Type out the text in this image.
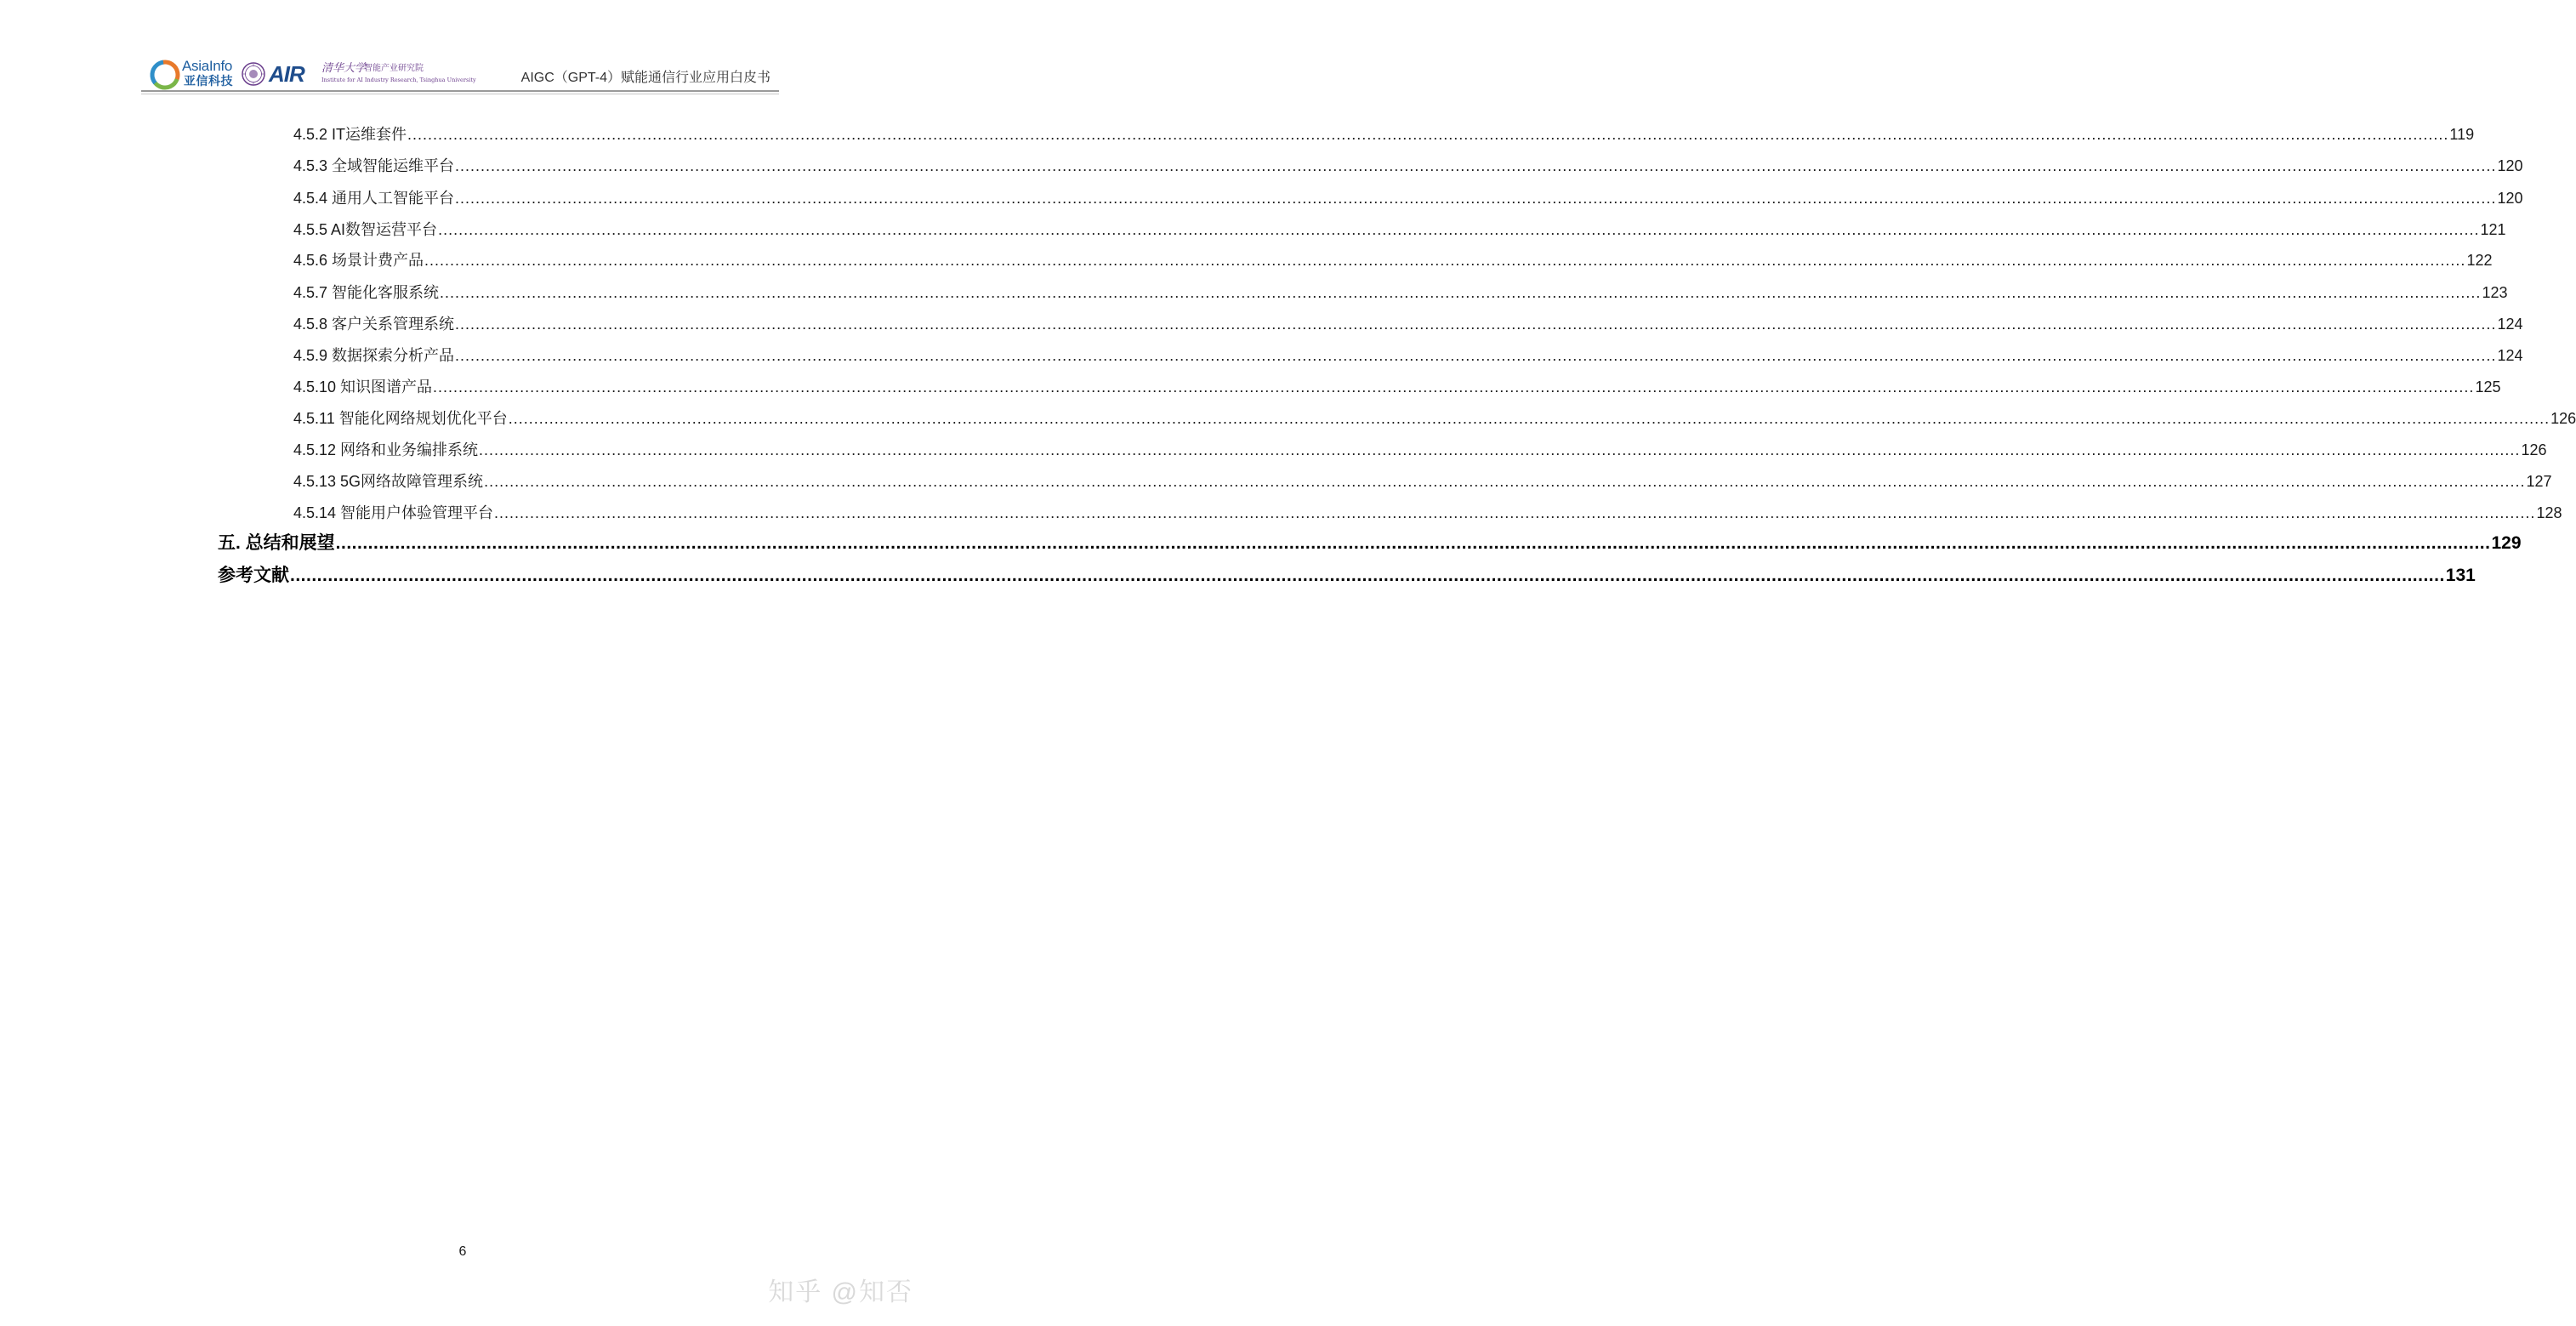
AsiaInfo
亚信科技 AIR 清华大学
智能产业研究院
Institute for AI Industry Research, Tsinghua University	AIGC（GPT-4）赋能通信行业应用白皮书
4.5.2 IT运维套件 ................................................................................................................................................................................................................................................................................................................................................................................................................ 119
4.5.3 全域智能运维平台 ................................................................................................................................................................................................................................................................................................................................................................................................................ 120
4.5.4 通用人工智能平台 ................................................................................................................................................................................................................................................................................................................................................................................................................ 120
4.5.5 AI数智运营平台 ................................................................................................................................................................................................................................................................................................................................................................................................................ 121
4.5.6 场景计费产品 ................................................................................................................................................................................................................................................................................................................................................................................................................ 122
4.5.7 智能化客服系统 ................................................................................................................................................................................................................................................................................................................................................................................................................ 123
4.5.8 客户关系管理系统 ................................................................................................................................................................................................................................................................................................................................................................................................................ 124
4.5.9 数据探索分析产品 ................................................................................................................................................................................................................................................................................................................................................................................................................ 124
4.5.10 知识图谱产品 ................................................................................................................................................................................................................................................................................................................................................................................................................ 125
4.5.11 智能化网络规划优化平台 ................................................................................................................................................................................................................................................................................................................................................................................................................ 126
4.5.12 网络和业务编排系统 ................................................................................................................................................................................................................................................................................................................................................................................................................ 126
4.5.13 5G网络故障管理系统 ................................................................................................................................................................................................................................................................................................................................................................................................................ 127
4.5.14 智能用户体验管理平台 ................................................................................................................................................................................................................................................................................................................................................................................................................ 128
五. 总结和展望 ................................................................................................................................................................................................................................................................................................................................................................................................................ 129
参考文献 ................................................................................................................................................................................................................................................................................................................................................................................................................ 131
6
知乎 @知否
